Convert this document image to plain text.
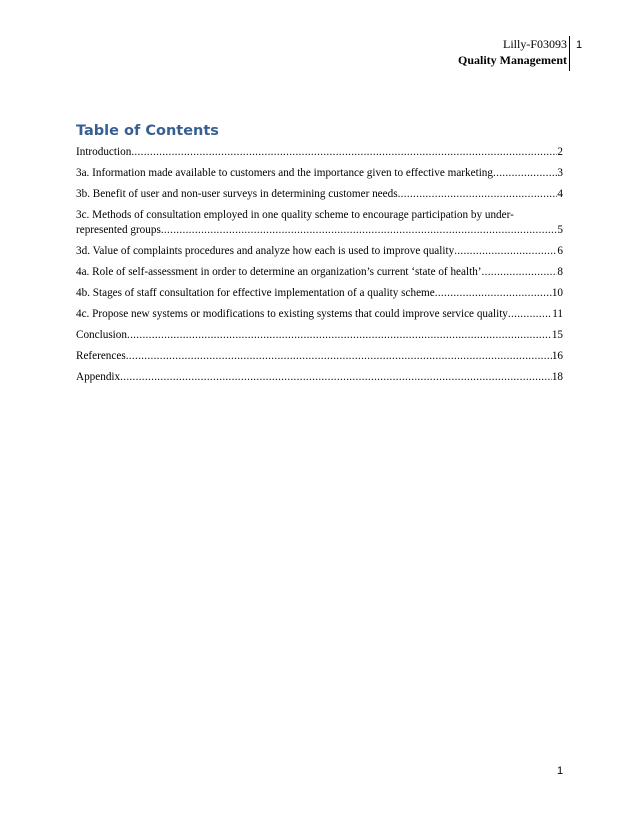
Lilly-F03093
Quality Management
1
Table of Contents
Introduction .....	2
3a. Information made available to customers and the importance given to effective marketing .....	3
3b. Benefit of user and non-user surveys in determining customer needs .....	4
3c. Methods of consultation employed in one quality scheme to encourage participation by under-
represented groups .....	5
3d. Value of complaints procedures and analyze how each is used to improve quality .....	6
4a. Role of self-assessment in order to determine an organization’s current ‘state of health’ .....	8
4b. Stages of staff consultation for effective implementation of a quality scheme .....	10
4c. Propose new systems or modifications to existing systems that could improve service quality .....	11
Conclusion .....	15
References .....	16
Appendix .....	18
1
